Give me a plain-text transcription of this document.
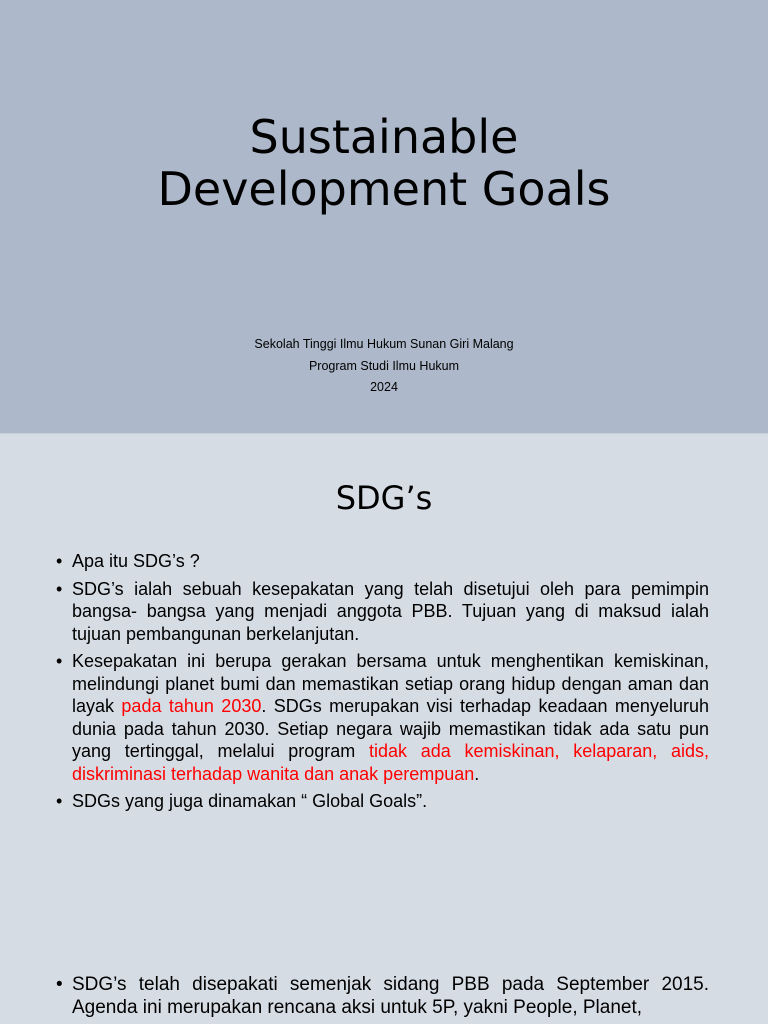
Sustainable
Development Goals
Sekolah Tinggi Ilmu Hukum Sunan Giri Malang
Program Studi Ilmu Hukum
2024
SDG’s
• Apa itu SDG’s ?
• SDG’s ialah sebuah kesepakatan yang telah disetujui oleh para pemimpin bangsa- bangsa yang menjadi anggota PBB. Tujuan yang di maksud ialah tujuan pembangunan berkelanjutan.
• Kesepakatan ini berupa gerakan bersama untuk menghentikan kemiskinan, melindungi planet bumi dan memastikan setiap orang hidup dengan aman dan layak pada tahun 2030. SDGs merupakan visi terhadap keadaan menyeluruh dunia pada tahun 2030. Setiap negara wajib memastikan tidak ada satu pun yang tertinggal, melalui program tidak ada kemiskinan, kelaparan, aids, diskriminasi terhadap wanita dan anak perempuan.
• SDGs yang juga dinamakan “ Global Goals”.
• SDG’s telah disepakati semenjak sidang PBB pada September 2015. Agenda ini merupakan rencana aksi untuk 5P, yakni People, Planet,
